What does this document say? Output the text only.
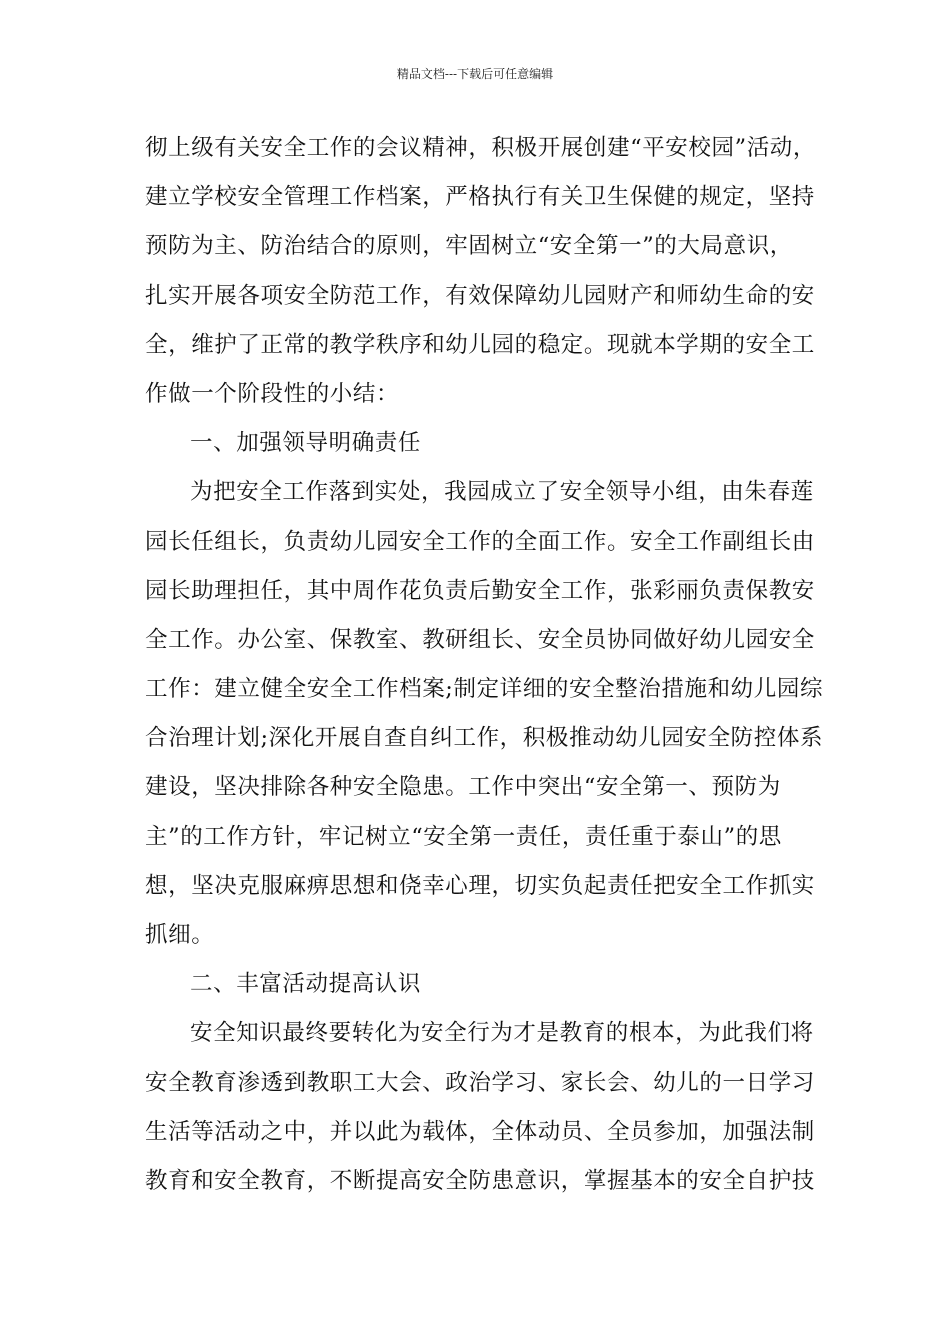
精品文档---下载后可任意编辑
彻上级有关安全工作的会议精神，积极开展创建“平安校园”活动，
建立学校安全管理工作档案，严格执行有关卫生保健的规定，坚持
预防为主、防治结合的原则，牢固树立“安全第一”的大局意识，
扎实开展各项安全防范工作，有效保障幼儿园财产和师幼生命的安
全，维护了正常的教学秩序和幼儿园的稳定。现就本学期的安全工
作做一个阶段性的小结：
一、加强领导明确责任
为把安全工作落到实处，我园成立了安全领导小组，由朱春莲
园长任组长，负责幼儿园安全工作的全面工作。安全工作副组长由
园长助理担任，其中周作花负责后勤安全工作，张彩丽负责保教安
全工作。办公室、保教室、教研组长、安全员协同做好幼儿园安全
工作：建立健全安全工作档案;制定详细的安全整治措施和幼儿园综
合治理计划;深化开展自查自纠工作，积极推动幼儿园安全防控体系
建设，坚决排除各种安全隐患。工作中突出“安全第一、预防为
主”的工作方针，牢记树立“安全第一责任，责任重于泰山”的思
想，坚决克服麻痹思想和侥幸心理，切实负起责任把安全工作抓实
抓细。
二、丰富活动提高认识
安全知识最终要转化为安全行为才是教育的根本，为此我们将
安全教育渗透到教职工大会、政治学习、家长会、幼儿的一日学习
生活等活动之中，并以此为载体，全体动员、全员参加，加强法制
教育和安全教育，不断提高安全防患意识，掌握基本的安全自护技
